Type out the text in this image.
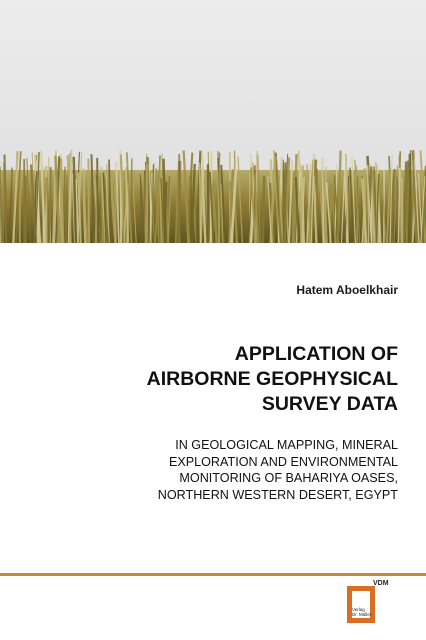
Hatem Aboelkhair
APPLICATION OF
AIRBORNE GEOPHYSICAL
SURVEY DATA
IN GEOLOGICAL MAPPING, MINERAL
EXPLORATION AND ENVIRONMENTAL
MONITORING OF BAHARIYA OASES,
NORTHERN WESTERN DESERT, EGYPT
VDM
Verlag
Dr. Müller
